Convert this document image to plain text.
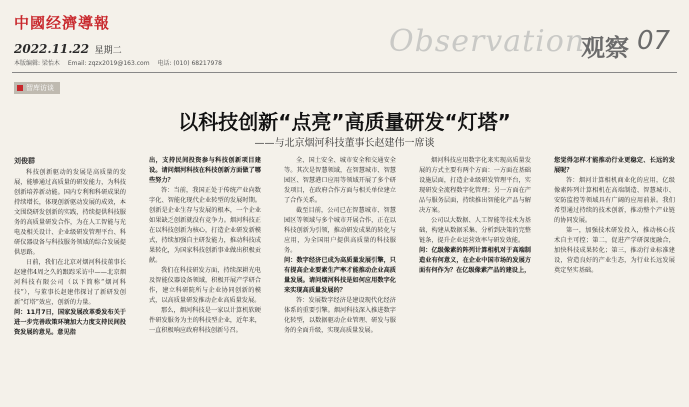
中國经濟導報
2022.11.22 星期二
本版编辑: 梁怡木 Email: zqzx2019@163.com 电话: (010) 68217978
Observation
观察 07
智库访谈
以科技创新“点亮”高质量研发“灯塔”
——与北京烟河科技董事长赵建伟一席谈

刘俊群

科技创新驱动的发展是高质量的发展，能够通过高质量的研发能力，为科技创新培养新动能。国内专利和科研成果的持续增长，体现创新驱动发展的成效，本文围绕研发创新的实践，持续提供科技服务的高质量研发合作，为在人工智能与光电及相关设计、企业级研发管理平台、科研仪器设备与科技服务领域的综合发展提供思路。

日前，我们在北京对烟河科技董事长赵建伟4周之久的跟踪采访中——北京烟河科技有限公司（以下简称“烟河科技”），与董事长赵建伟探讨了新研发创新“灯塔”效应，创新的力量。

问：11月7日，国家发展改革委发布关于进一步完善政策环境加大力度支持民间投资发展的意见。意见指

出，支持民间投资参与科技创新项目建设。请问烟河科技在科技创新方面做了哪些努力？

答：当前，我国正处于传统产业向数字化、智能化现代企业转型的发展时期。创新是企业生存与发展的根本，一个企业如果缺乏创新就没有竞争力。烟河科技正在以科技创新为核心，打造企业研发新模式，持续加强自主研发能力，推动科技成果转化，为国家科技创新事业做出积极贡献。

我们在科技研发方面，持续深耕光电及智能仪器设备领域，积极开展产学研合作，建立科研院所与企业协同创新的模式，以高质量研发推动企业高质量发展。

那么，烟河科技是一家以计算机软硬件研发服务为主的科技型企业，近年来，一直积极响应政府科技创新号召。

全、国土安全、城市安全和交通安全等。其次是智慧领域，在智慧城市、智慧园区、智慧港口应用等领域开展了多个研发项目，在政府合作方面与相关单位建立了合作关系。

截至目前，公司已在智慧城市、智慧园区等领域与多个城市开展合作，正在以科技创新为引领，推动研发成果的转化与应用，为全国用户提供高质量的科技服务。

问：数字经济已成为高质量发展引擎，只有提高企业要素生产率才能推动企业高质量发展。请问烟河科技是如何应用数字化来实现高质量发展的？

答：发展数字经济是建设现代化经济体系的重要引擎。烟河科技深入推进数字化转型，以数据驱动企业管理、研发与服务的全面升级，实现高质量发展。

烟河科技应用数字化来实现高质量发展的方式主要有两个方面：一方面在基础设施层面，打造企业级研发管理平台，实现研发全流程数字化管理；另一方面在产品与服务层面，持续推出智能化产品与解决方案。

公司以大数据、人工智能等技术为基础，构建从数据采集、分析到决策的完整链条，提升企业运营效率与研发效能。

问：亿级像素的阵列计算相机对于高端制造业有何意义，在企业中国市场的发展方面有何作为？在亿级像素产品的建设上，

您觉得怎样才能推动行业更稳定、长远的发展呢？

答：烟河计算相机商业化的应用，亿级像素阵列计算相机在高端制造、智慧城市、安防监控等领域具有广阔的应用前景。我们希望通过持续的技术创新，推动整个产业链的协同发展。

第一，加强技术研发投入，推动核心技术自主可控；第二，促进产学研深度融合，加快科技成果转化；第三，推动行业标准建设，营造良好的产业生态，为行业长远发展奠定坚实基础。
